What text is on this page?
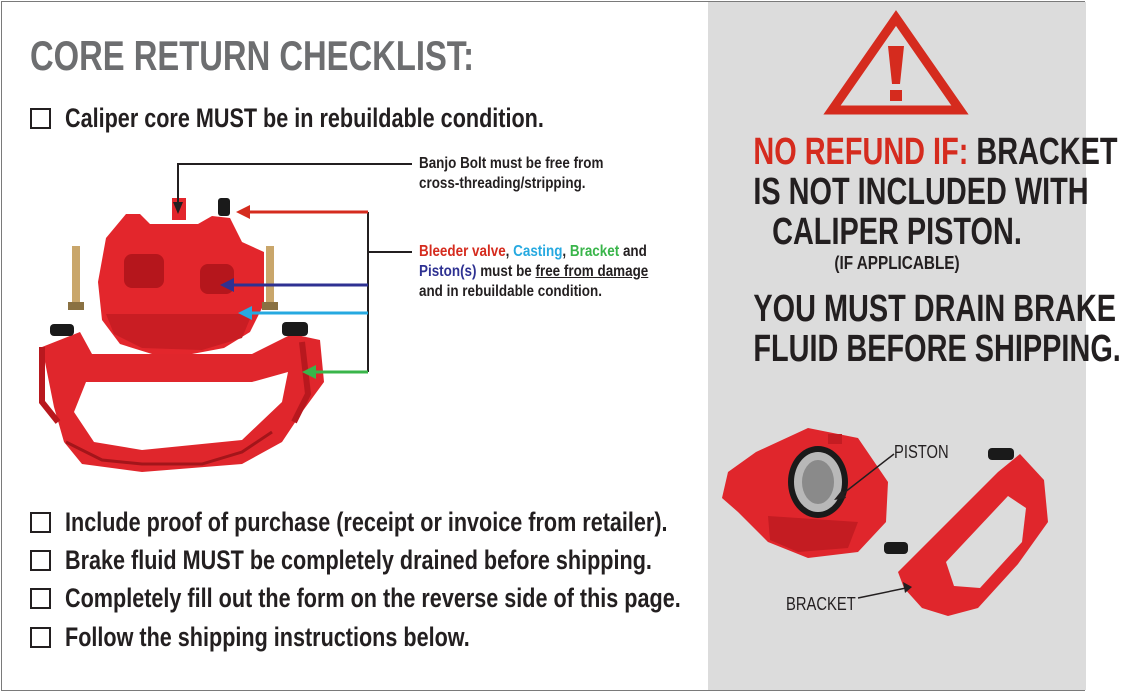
CORE RETURN CHECKLIST:
Caliper core MUST be in rebuildable condition.
Banjo Bolt must be free from
cross-threading/stripping.
Bleeder valve, Casting, Bracket and
Piston(s) must be free from damage
and in rebuildable condition.
Include proof of purchase (receipt or invoice from retailer).
Brake fluid MUST be completely drained before shipping.
Completely fill out the form on the reverse side of this page.
Follow the shipping instructions below.
NO REFUND IF: BRACKET
IS NOT INCLUDED WITH
CALIPER PISTON.
(IF APPLICABLE)
YOU MUST DRAIN BRAKE
FLUID BEFORE SHIPPING.
PISTON
BRACKET
